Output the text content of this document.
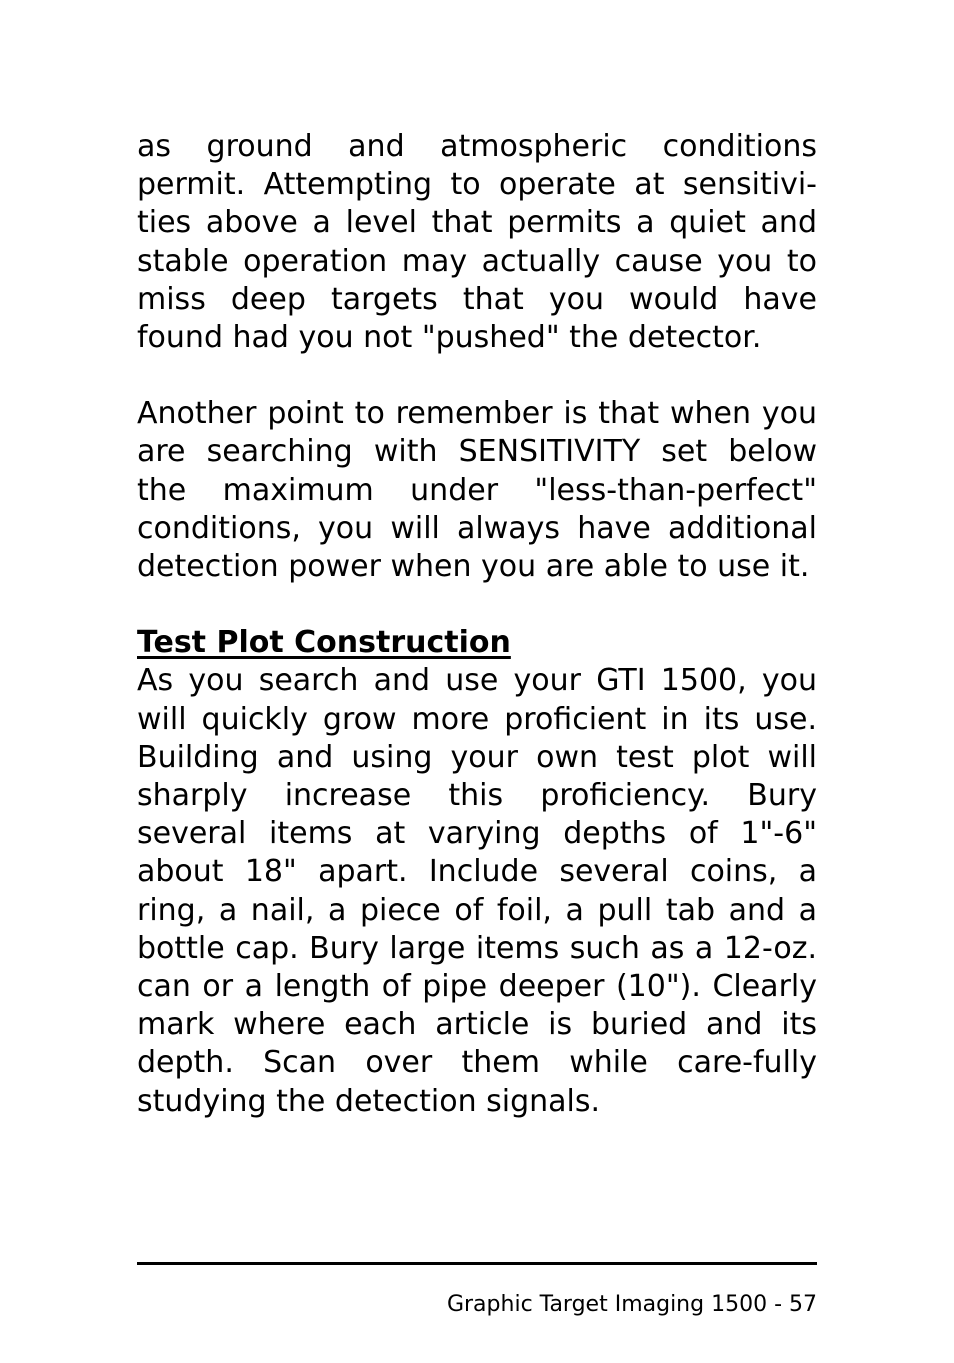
as ground and atmospheric conditions permit. Attempting to operate at sensitivi-ties above a level that permits a quiet and stable operation may actually cause you to miss deep targets that you would have found had you not "pushed" the detector.

Another point to remember is that when you are searching with SENSITIVITY set below the maximum under "less-than-perfect" conditions, you will always have additional detection power when you are able to use it.

Test Plot Construction

As you search and use your GTI 1500, you will quickly grow more proficient in its use. Building and using your own test plot will sharply increase this proficiency. Bury several items at varying depths of 1"-6" about 18" apart. Include several coins, a ring, a nail, a piece of foil, a pull tab and a bottle cap. Bury large items such as a 12-oz. can or a length of pipe deeper (10"). Clearly mark where each article is buried and its depth. Scan over them while care-fully studying the detection signals.

Graphic Target Imaging 1500 - 57
